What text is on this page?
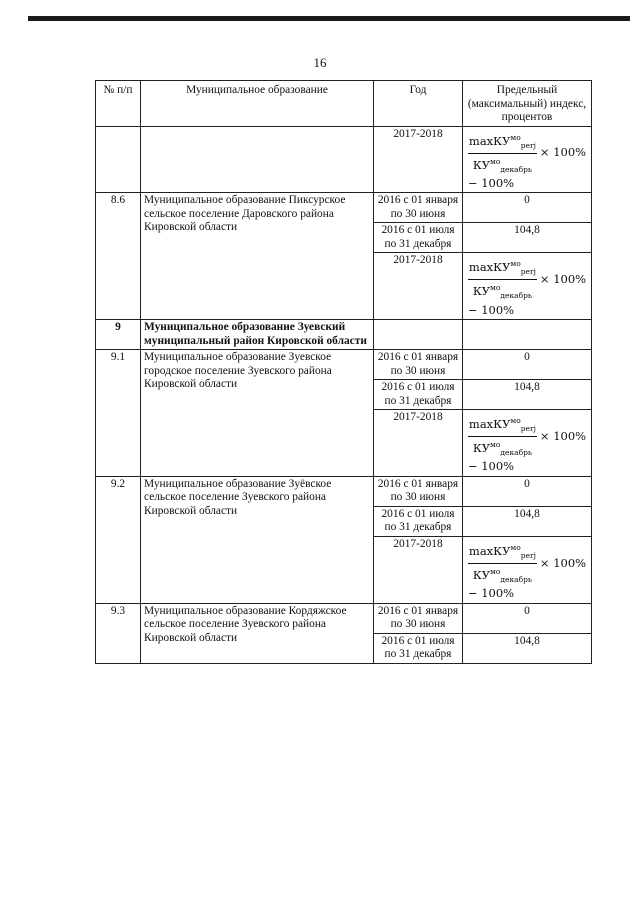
16
№ п/п	Муниципальное образование	Год	Предельный (максимальный) индекс, процентов
		2017-2018	$\frac{\max КУ^{мо}_{perj}}{КУ^{мо}_{декабрь}} \times 100\%$
− 100%

8.6	Муниципальное образование Пиксурское сельское поселение Даровского района Кировской области	2016 с 01 января по 30 июня	0
		2016 с 01 июля по 31 декабря	104,8
		2017-2018	$\frac{\max КУ^{мо}_{perj}}{КУ^{мо}_{декабрь}} \times 100\%$
− 100%

9	Муниципальное образование Зуевский муниципальный район Кировской области		
9.1	Муниципальное образование Зуевское городское поселение Зуевского района Кировской области	2016 с 01 января по 30 июня	0
		2016 с 01 июля по 31 декабря	104,8
		2017-2018	$\frac{\max КУ^{мо}_{perj}}{КУ^{мо}_{декабрь}} \times 100\%$
− 100%

9.2	Муниципальное образование Зуёвское сельское поселение Зуевского района Кировской области	2016 с 01 января по 30 июня	0
		2016 с 01 июля по 31 декабря	104,8
		2017-2018	$\frac{\max КУ^{мо}_{perj}}{КУ^{мо}_{декабрь}} \times 100\%$
− 100%

9.3	Муниципальное образование Кордяжское сельское поселение Зуевского района Кировской области	2016 с 01 января по 30 июня	0
		2016 с 01 июля по 31 декабря	104,8
